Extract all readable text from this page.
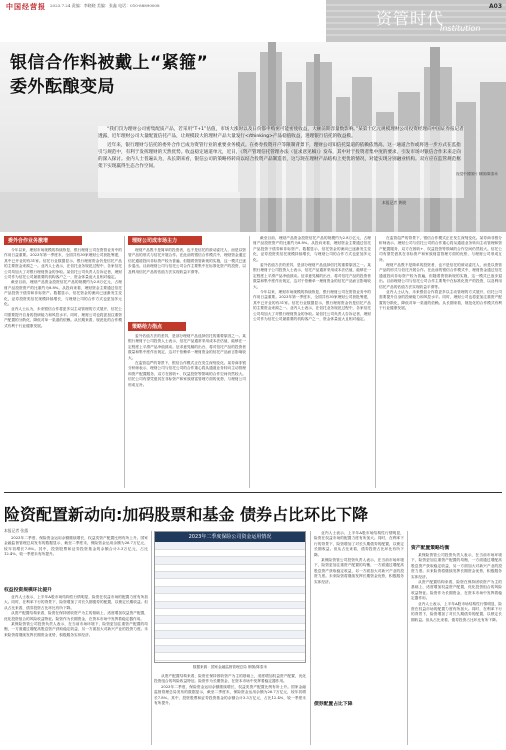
中国经营报 2023.7.24 责编：李晓晓 美编：张鑫 电话：010-88890008
资管时代
Institution
A03
银信合作料被戴上“紧箍”
委外酝酿变局

“我们罚为理财公司密集配质产品，若采用“T+1”估值，市场大涨时以及日价都申购密可能密使收益、大额前期容量数影响。”某第十亿元规模理财公司投资经理向中国证券报记者透露，近年理财公司大量配置信托产品，让规模较大的理财产品大量发行</thinking>产品稳值收益，进理银行信托的收益模。

近年来，银行理财与信托的委外合作已成为资管行业的重要业务模式。在委券投资开户等限制背景下，理财公司知信托渠道的依赖依然高。这一通道合作或将进一步方式在监指引与规范中，有利于发挥理财的天然优势。收益稳定通道单元，近日，《资产管理信托管理办法（征求意见稿）》发布，其中对于投资者集中度的要求，引发市场对银信合作未来走向的深入探讨。业内人士普遍认为，从长期来看，银信公司的策略将转向以结合投资产品制造者，这与现在理财产品结构上更优的情况，对能实现分别融业机构。双方应在监管规范框架下实现赢得生态合作空间。

本报记者 黄晓
视觉中国图片 制图/陈泰禾
委外合作业务激增

今年以来，理财市场规模的持续恢复，银行理财公司在资管业务中的作用日益重要。2023年第一季度末，全国共有30家理财公司获批筹建，其中已开业的有31家。信托行业数据显示，银行理财资金仍是信托产品的主要资金来源之一。业内人士表示，在信托业务规范过程中，各家信托公司均加大了对银行理财资金的争取。某信托公司负责人告诉记者，理财公司作为信托公司最重要的机构客户之一，资金体量庞大且相对稳定。

截至目前，理财产品资金投资信托产品的规模约为2.8万亿元，占理财产品投资资产的比重约为8.8%。从投向来看，理财资金主要通过信托产品投资于债券和非标资产。数据显示，信托资金的流向已逐渐发生变化，证券投资类信托规模持续增长，与理财公司的合作方式也更加多元化。

业内人士认为，未来银信合作将更多以主动管理的方式展开，信托公司需要提升自身的投研能力和风控水平。同时，理财公司也将更加注重资产配置的分散化，降低对单一渠道的依赖。从长期来看，规范化的合作模式有利于行业健康发展。

理财公司成市场主力

理财产品既不是简单的投资者，也不是信托的被动委托人，而是以资管产品的形式与信托开展合作。在此前的银信合作模式中，理财资金通过信托通道投向非标资产较为普遍，但随着资管新规的实施，这一模式已逐步退出。目前理财公司与信托公司合作主要集中在标准化资产的投资，以及利用信托产品的估值方法实现收益平滑等。

策略给力指点

委外估值方法的差异，是部分理财产品选择信托的重要原因之一。某银行理财子公司投资人士表示，信托产品通常采用成本法估值，能够在一定程度上平滑产品净值波动。征求意见稿的出台，将对信托产品的投资者数量和集中度作出规定，这对于依赖单一理财资金的信托产品而言影响较大。

在监管趋严的背景下，银信合作模式正在发生深刻变化。某券商非银分析师表示，理财公司与信托公司的合作重心将从通道业务转向主动管理和资产配置服务，双方在固收+、权益投资等领域的合作空间仍然较大。信托公司有望凭借其在非标资产和家族财富管理方面的优势，与理财公司形成互补。

截至目前，理财产品资金投资信托产品的规模约为2.8万亿元，占理财产品投资资产的比重约为8.8%。从投向来看，理财资金主要通过信托产品投资于债券和非标资产。数据显示，信托资金的流向已逐渐发生变化，证券投资类信托规模持续增长，与理财公司的合作方式也更加多元化。

委外估值方法的差异，是部分理财产品选择信托的重要原因之一。某银行理财子公司投资人士表示，信托产品通常采用成本法估值，能够在一定程度上平滑产品净值波动。征求意见稿的出台，将对信托产品的投资者数量和集中度作出规定，这对于依赖单一理财资金的信托产品而言影响较大。

今年以来，理财市场规模的持续恢复，银行理财公司在资管业务中的作用日益重要。2023年第一季度末，全国共有30家理财公司获批筹建，其中已开业的有31家。信托行业数据显示，银行理财资金仍是信托产品的主要资金来源之一。业内人士表示，在信托业务规范过程中，各家信托公司均加大了对银行理财资金的争取。某信托公司负责人告诉记者，理财公司作为信托公司最重要的机构客户之一，资金体量庞大且相对稳定。

在监管趋严的背景下，银信合作模式正在发生深刻变化。某券商非银分析师表示，理财公司与信托公司的合作重心将从通道业务转向主动管理和资产配置服务，双方在固收+、权益投资等领域的合作空间仍然较大。信托公司有望凭借其在非标资产和家族财富管理方面的优势，与理财公司形成互补。

理财产品既不是简单的投资者，也不是信托的被动委托人，而是以资管产品的形式与信托开展合作。在此前的银信合作模式中，理财资金通过信托通道投向非标资产较为普遍，但随着资管新规的实施，这一模式已逐步退出。目前理财公司与信托公司合作主要集中在标准化资产的投资，以及利用信托产品的估值方法实现收益平滑等。

业内人士认为，未来银信合作将更多以主动管理的方式展开，信托公司需要提升自身的投研能力和风控水平。同时，理财公司也将更加注重资产配置的分散化，降低对单一渠道的依赖。从长期来看，规范化的合作模式有利于行业健康发展。

险资配置新动向:加码股票和基金 债券占比环比下降
本报记者 张露

2023年二季度，保险资金运用余额继续增长，权益类资产配置比例有所上升。国家金融监督管理总局发布的数据显示，截至二季度末，保险资金运用余额为26.7万亿元，较年初增长7.8%。其中，投资股票和证券投资基金的余额合计3.3万亿元，占比12.4%，较一季度末有所提升。

权益投资规模环比提升

业内人士表示，上半年A股市场结构性行情明显，险资在权益市场的配置力度有所加大。同时，在利率下行的背景下，险资增加了对长久期债券的配置，以锁定长期收益。但从占比来看，债券投资占比环比有所下降。

从资产配置结构来看，险资在保持固收资产为主的基础上，适度增加权益资产配置，优化投资组合的风险收益特征。险资作为长期资金，在资本市场中发挥着稳定器作用。

某保险资管公司投资负责人表示，在当前市场环境下，险资更加注重资产配置的均衡，一方面通过增配高股息资产获取稳定收益，另一方面加大对新兴产业的投资力度。未来险资将继续发挥长期资金优势，积极服务实体经济。

2023年二季度保险公司资金运用情况

数据来源：国家金融监督管理总局 制图/陈泰禾

从资产配置结构来看，险资在保持固收资产为主的基础上，适度增加权益资产配置，优化投资组合的风险收益特征。险资作为长期资金，在资本市场中发挥着稳定器作用。

2023年二季度，保险资金运用余额继续增长，权益类资产配置比例有所上升。国家金融监督管理总局发布的数据显示，截至二季度末，保险资金运用余额为26.7万亿元，较年初增长7.8%。其中，投资股票和证券投资基金的余额合计3.3万亿元，占比12.4%，较一季度末有所提升。

业内人士表示，上半年A股市场结构性行情明显，险资在权益市场的配置力度有所加大。同时，在利率下行的背景下，险资增加了对长久期债券的配置，以锁定长期收益。但从占比来看，债券投资占比环比有所下降。

某保险资管公司投资负责人表示，在当前市场环境下，险资更加注重资产配置的均衡，一方面通过增配高股息资产获取稳定收益，另一方面加大对新兴产业的投资力度。未来险资将继续发挥长期资金优势，积极服务实体经济。

债券配置占比下降
资产配置策略均衡

某保险资管公司投资负责人表示，在当前市场环境下，险资更加注重资产配置的均衡，一方面通过增配高股息资产获取稳定收益，另一方面加大对新兴产业的投资力度。未来险资将继续发挥长期资金优势，积极服务实体经济。

从资产配置结构来看，险资在保持固收资产为主的基础上，适度增加权益资产配置，优化投资组合的风险收益特征。险资作为长期资金，在资本市场中发挥着稳定器作用。

业内人士表示，上半年A股市场结构性行情明显，险资在权益市场的配置力度有所加大。同时，在利率下行的背景下，险资增加了对长久期债券的配置，以锁定长期收益。但从占比来看，债券投资占比环比有所下降。
